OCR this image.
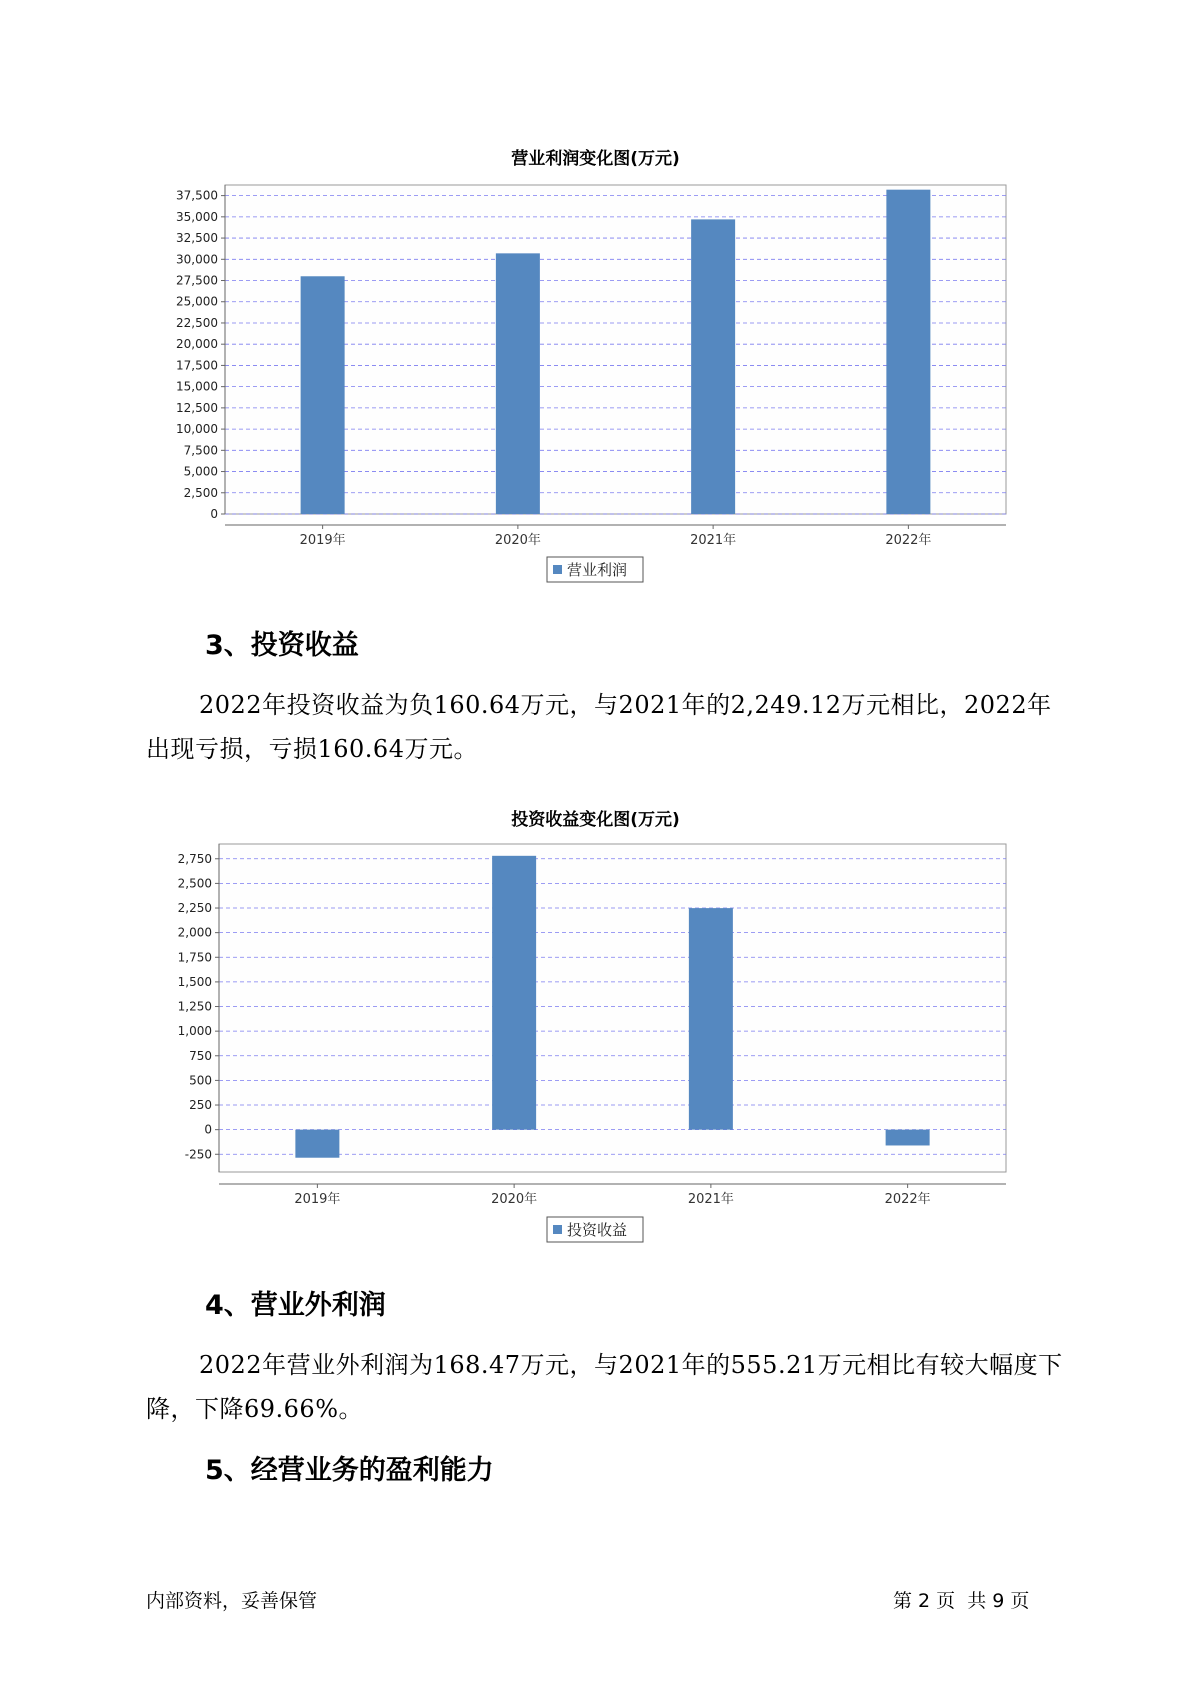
营业利润变化图(万元)
0
2,500
5,000
7,500
10,000
12,500
15,000
17,500
20,000
22,500
25,000
27,500
30,000
32,500
35,000
37,500
2019年	2020年	2021年	2022年
营业利润
3、投资收益

2022年投资收益为负160.64万元，与2021年的2,249.12万元相比，2022年出现亏损，亏损160.64万元。

投资收益变化图(万元)
-250
0
250
500
750
1,000
1,250
1,500
1,750
2,000
2,250
2,500
2,750
2019年	2020年	2021年	2022年
投资收益
4、营业外利润

2022年营业外利润为168.47万元，与2021年的555.21万元相比有较大幅度下降，下降69.66%。

5、经营业务的盈利能力
内部资料，妥善保管	第 2 页  共 9 页
